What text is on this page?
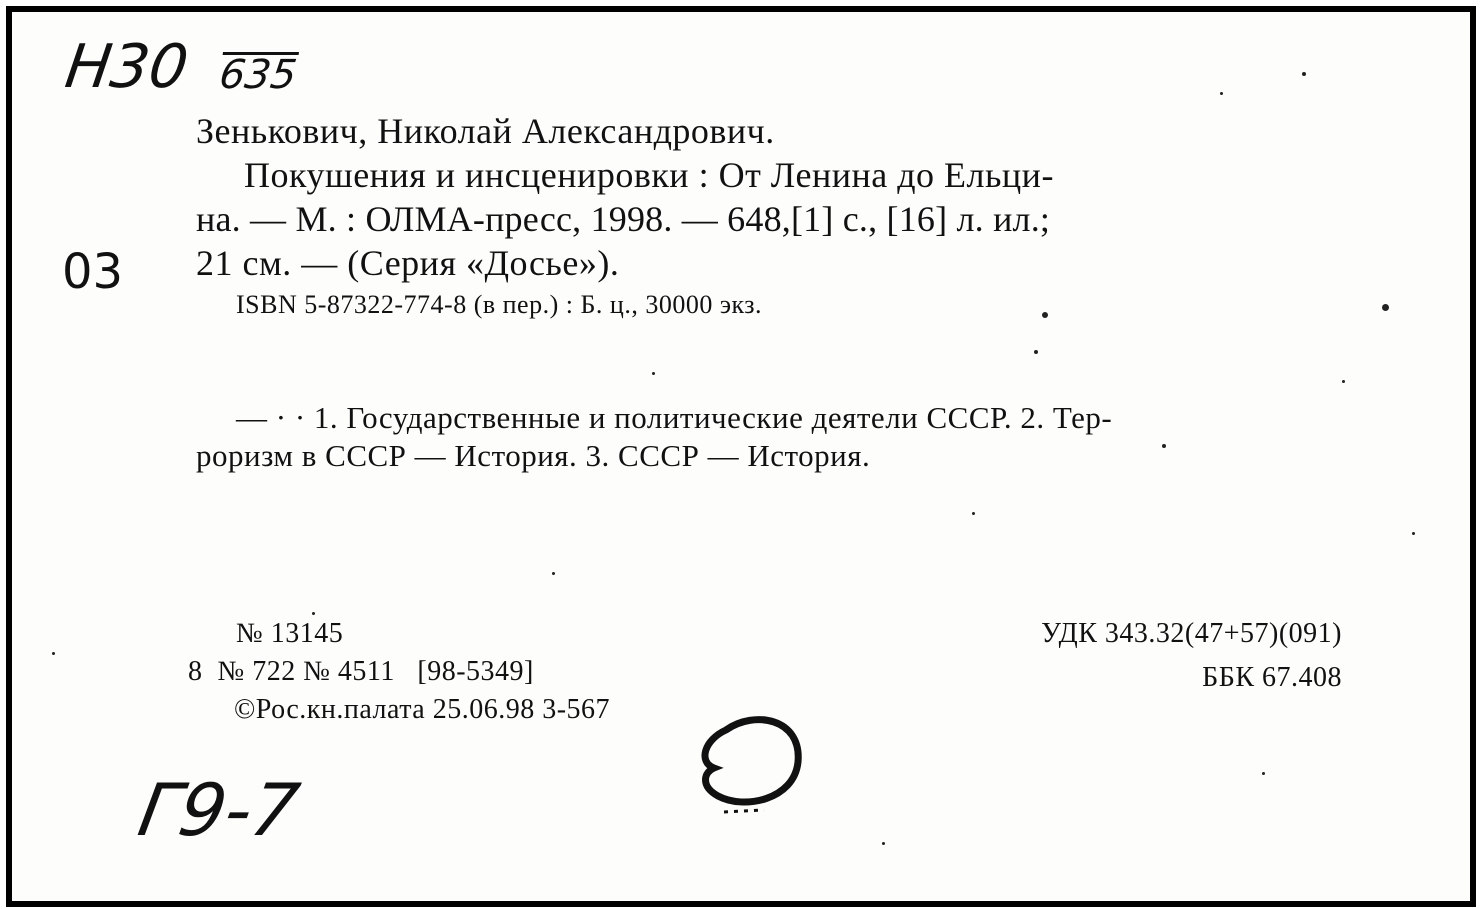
Н30 635
03
Зенькович, Николай Александрович.
Покушения и инсценировки : От Ленина до Ельци-
на. — М. : ОЛМА-пресс, 1998. — 648,[1] с., [16] л. ил.;
21 см. — (Серия «Досье»).
ISBN 5-87322-774-8 (в пер.) : Б. ц., 30000 экз.
— · · 1. Государственные и политические деятели СССР. 2. Тер-
роризм в СССР — История. 3. СССР — История.
№ 13145
8  № 722 № 4511   [98-5349]
©Рос.кн.палата 25.06.98 3-567
УДК 343.32(47+57)(091)
ББК 67.408
Г9-7
